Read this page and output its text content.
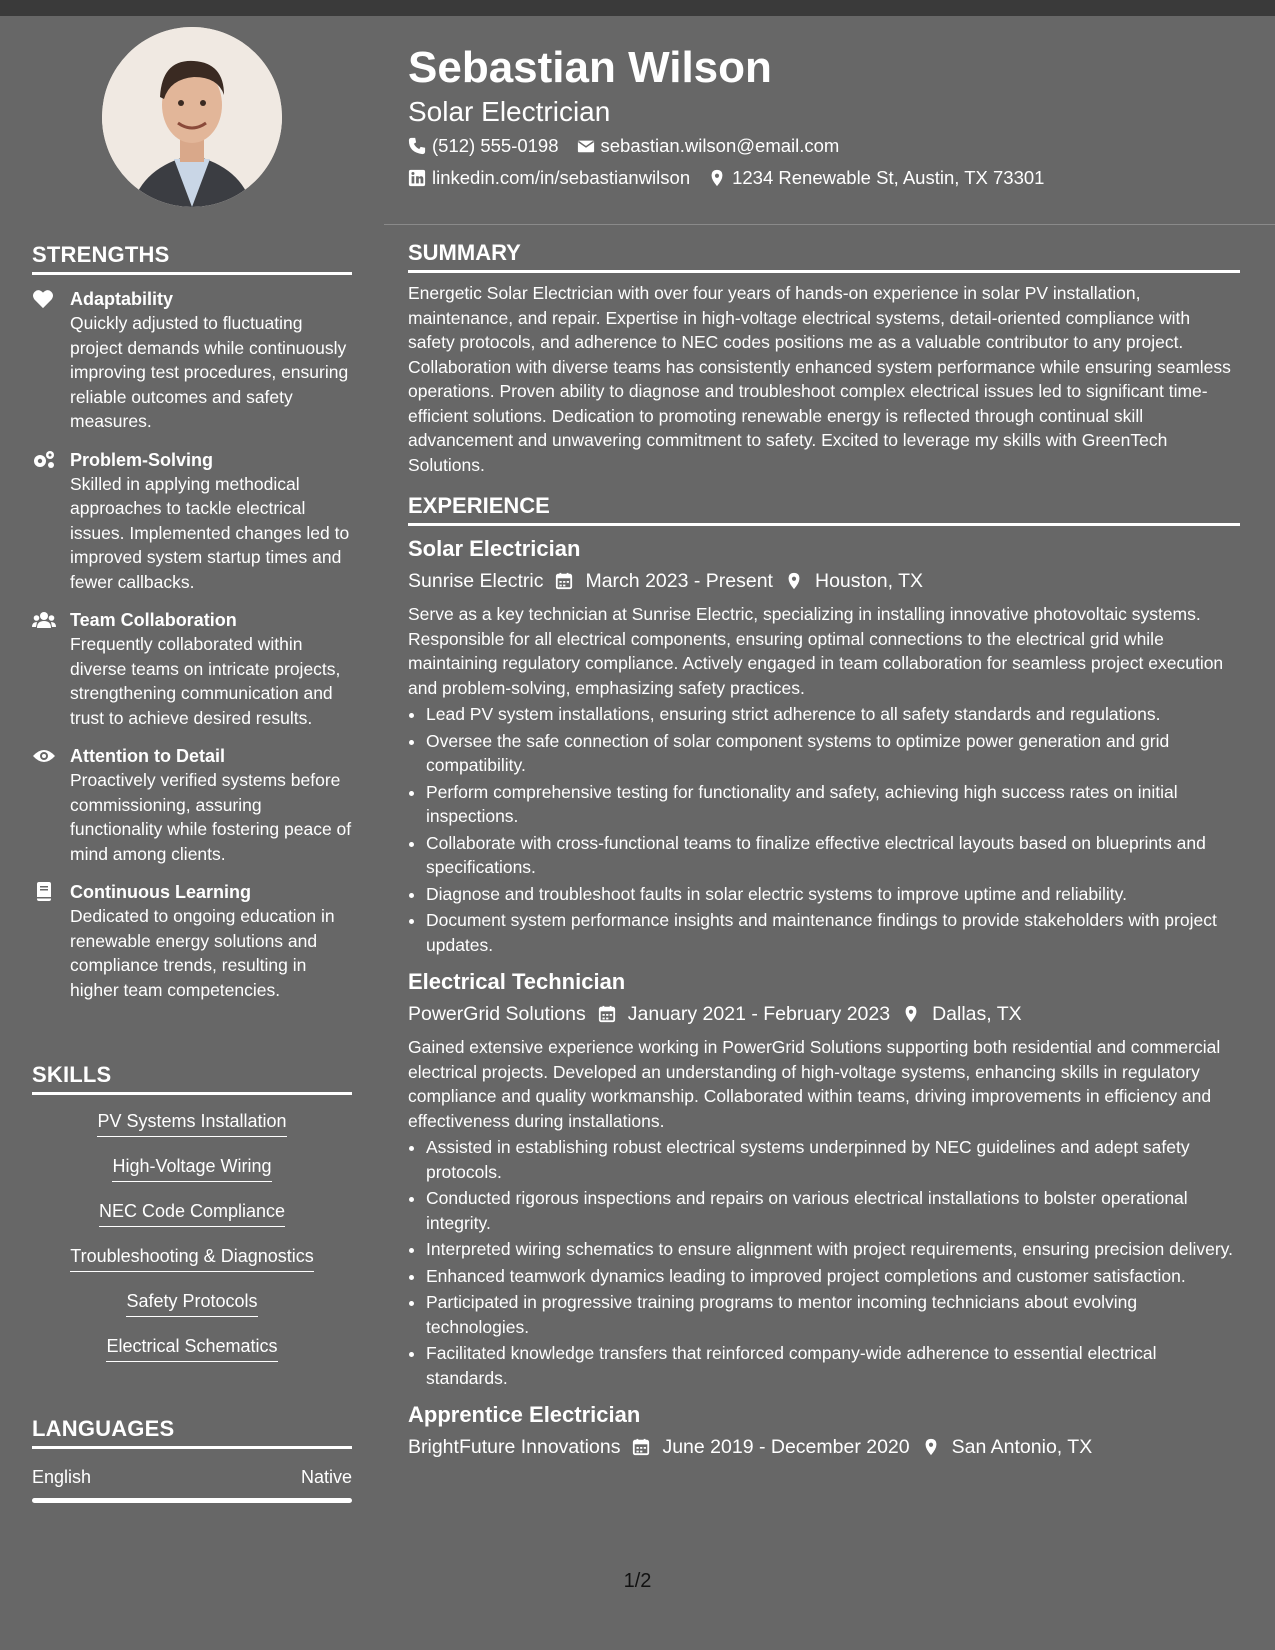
STRENGTHS
Adaptability
Quickly adjusted to fluctuating project demands while continuously improving test procedures, ensuring reliable outcomes and safety measures.
Problem-Solving
Skilled in applying methodical approaches to tackle electrical issues. Implemented changes led to improved system startup times and fewer callbacks.
Team Collaboration
Frequently collaborated within diverse teams on intricate projects, strengthening communication and trust to achieve desired results.
Attention to Detail
Proactively verified systems before commissioning, assuring functionality while fostering peace of mind among clients.
Continuous Learning
Dedicated to ongoing education in renewable energy solutions and compliance trends, resulting in higher team competencies.
SKILLS
PV Systems Installation
High-Voltage Wiring
NEC Code Compliance
Troubleshooting & Diagnostics
Safety Protocols
Electrical Schematics
LANGUAGES
English	Native
Sebastian Wilson
Solar Electrician
(512) 555-0198 sebastian.wilson@email.com
linkedin.com/in/sebastianwilson 1234 Renewable St, Austin, TX 73301
SUMMARY
Energetic Solar Electrician with over four years of hands-on experience in solar PV installation, maintenance, and repair. Expertise in high-voltage electrical systems, detail-oriented compliance with safety protocols, and adherence to NEC codes positions me as a valuable contributor to any project. Collaboration with diverse teams has consistently enhanced system performance while ensuring seamless operations. Proven ability to diagnose and troubleshoot complex electrical issues led to significant time-efficient solutions. Dedication to promoting renewable energy is reflected through continual skill advancement and unwavering commitment to safety. Excited to leverage my skills with GreenTech Solutions.
EXPERIENCE
Solar Electrician
Sunrise Electric March 2023 - Present Houston, TX
Serve as a key technician at Sunrise Electric, specializing in installing innovative photovoltaic systems. Responsible for all electrical components, ensuring optimal connections to the electrical grid while maintaining regulatory compliance. Actively engaged in team collaboration for seamless project execution and problem-solving, emphasizing safety practices.
• Lead PV system installations, ensuring strict adherence to all safety standards and regulations.
• Oversee the safe connection of solar component systems to optimize power generation and grid compatibility.
• Perform comprehensive testing for functionality and safety, achieving high success rates on initial inspections.
• Collaborate with cross-functional teams to finalize effective electrical layouts based on blueprints and specifications.
• Diagnose and troubleshoot faults in solar electric systems to improve uptime and reliability.
• Document system performance insights and maintenance findings to provide stakeholders with project updates.
Electrical Technician
PowerGrid Solutions January 2021 - February 2023 Dallas, TX
Gained extensive experience working in PowerGrid Solutions supporting both residential and commercial electrical projects. Developed an understanding of high-voltage systems, enhancing skills in regulatory compliance and quality workmanship. Collaborated within teams, driving improvements in efficiency and effectiveness during installations.
• Assisted in establishing robust electrical systems underpinned by NEC guidelines and adept safety protocols.
• Conducted rigorous inspections and repairs on various electrical installations to bolster operational integrity.
• Interpreted wiring schematics to ensure alignment with project requirements, ensuring precision delivery.
• Enhanced teamwork dynamics leading to improved project completions and customer satisfaction.
• Participated in progressive training programs to mentor incoming technicians about evolving technologies.
• Facilitated knowledge transfers that reinforced company-wide adherence to essential electrical standards.
Apprentice Electrician
BrightFuture Innovations June 2019 - December 2020 San Antonio, TX
1/2
